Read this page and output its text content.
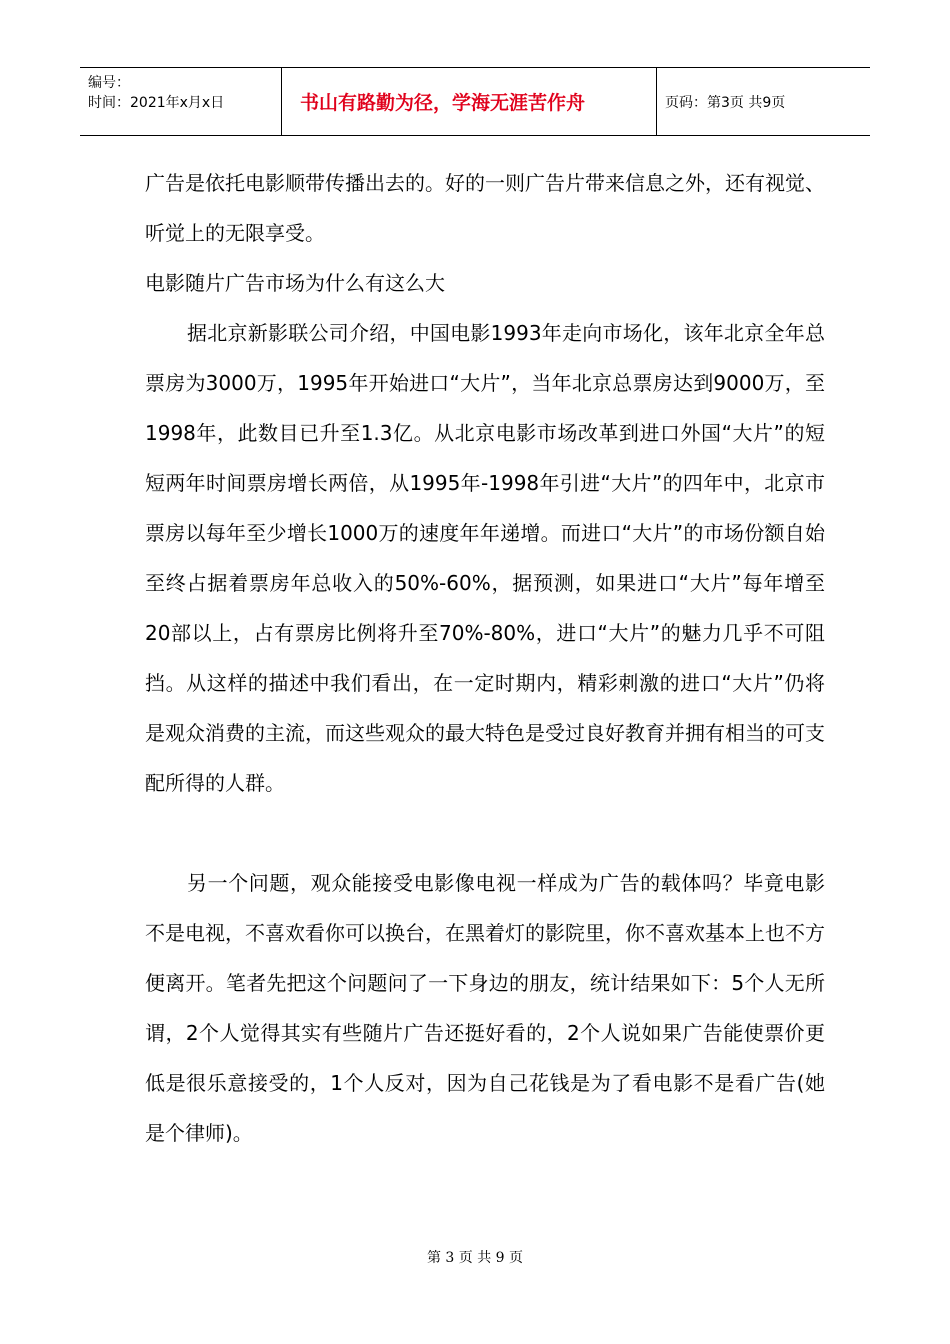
编号：
时间：2021年x月x日	书山有路勤为径，学海无涯苦作舟	页码：第3页 共9页

广告是依托电影顺带传播出去的。好的一则广告片带来信息之外，还有视觉、听觉上的无限享受。

电影随片广告市场为什么有这么大

据北京新影联公司介绍，中国电影1993年走向市场化，该年北京全年总票房为3000万，1995年开始进口“大片”，当年北京总票房达到9000万，至1998年，此数目已升至1.3亿。从北京电影市场改革到进口外国“大片”的短短两年时间票房增长两倍，从1995年-1998年引进“大片”的四年中，北京市票房以每年至少增长1000万的速度年年递增。而进口“大片”的市场份额自始至终占据着票房年总收入的50%-60%，据预测，如果进口“大片”每年增至20部以上，占有票房比例将升至70%-80%，进口“大片”的魅力几乎不可阻挡。从这样的描述中我们看出，在一定时期内，精彩刺激的进口“大片”仍将是观众消费的主流，而这些观众的最大特色是受过良好教育并拥有相当的可支配所得的人群。

另一个问题，观众能接受电影像电视一样成为广告的载体吗？毕竟电影不是电视，不喜欢看你可以换台，在黑着灯的影院里，你不喜欢基本上也不方便离开。笔者先把这个问题问了一下身边的朋友，统计结果如下：5个人无所谓，2个人觉得其实有些随片广告还挺好看的，2个人说如果广告能使票价更低是很乐意接受的，1个人反对，因为自己花钱是为了看电影不是看广告(她是个律师)。

第 3 页 共 9 页
